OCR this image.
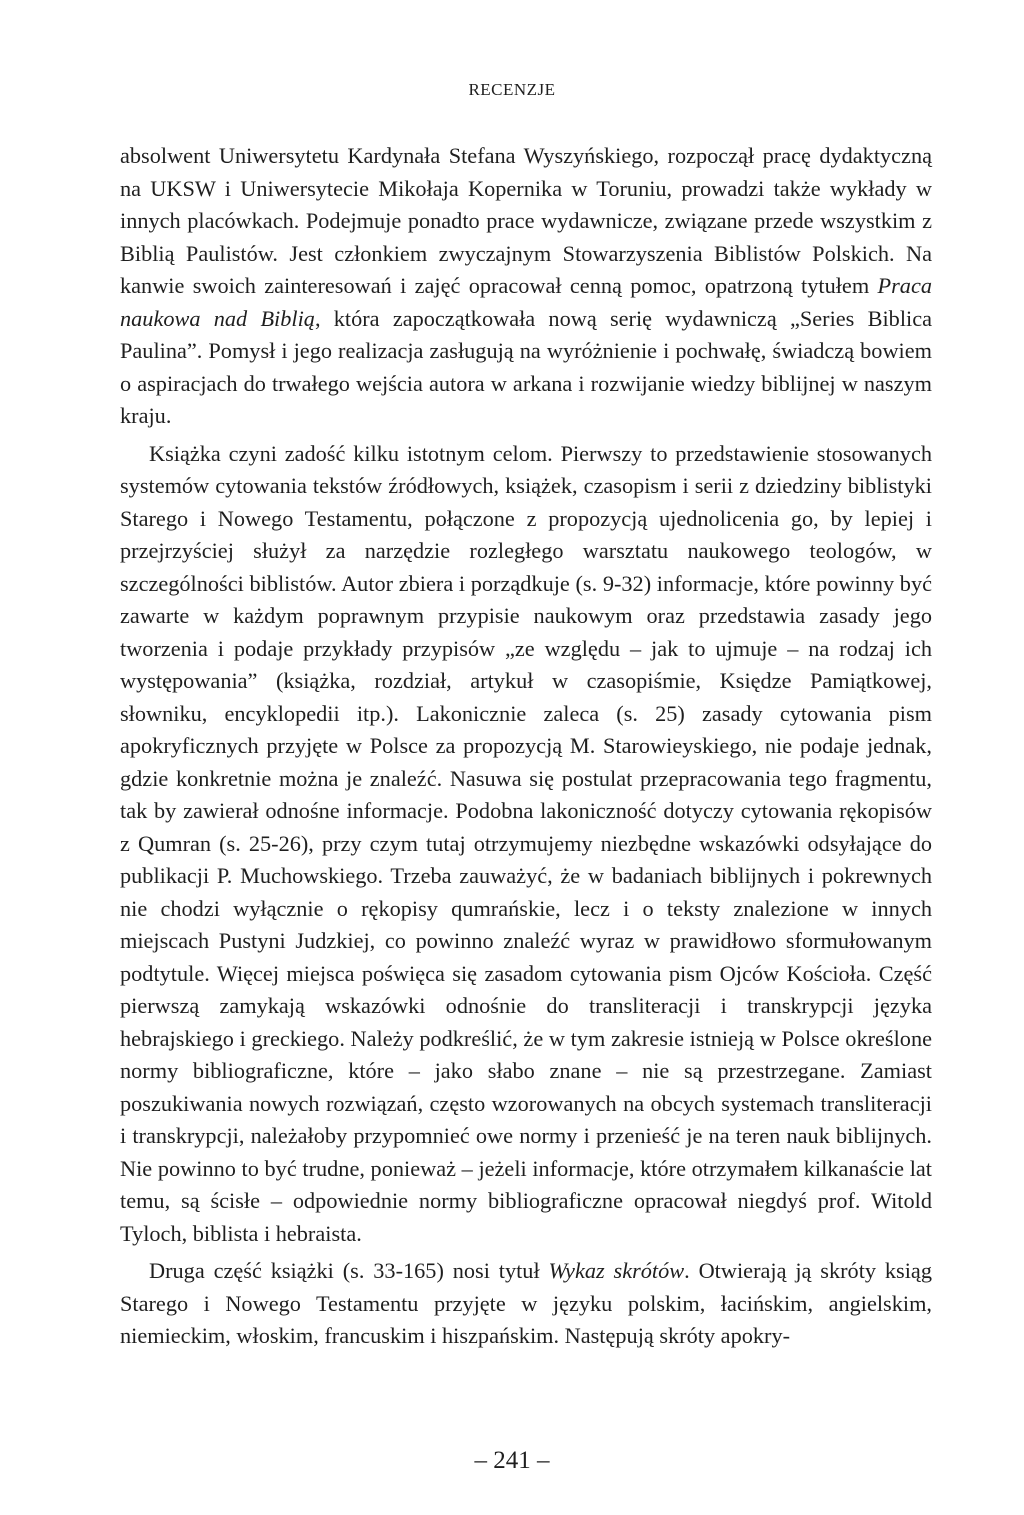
RECENZJE

absolwent Uniwersytetu Kardynała Stefana Wyszyńskiego, rozpoczął pracę dydaktyczną na UKSW i Uniwersytecie Mikołaja Kopernika w Toruniu, prowadzi także wykłady w innych placówkach. Podejmuje ponadto prace wydawnicze, związane przede wszystkim z Biblią Paulistów. Jest członkiem zwyczajnym Stowarzyszenia Biblistów Polskich. Na kanwie swoich zainteresowań i zajęć opracował cenną pomoc, opatrzoną tytułem Praca naukowa nad Biblią, która zapoczątkowała nową serię wydawniczą „Series Biblica Paulina”. Pomysł i jego realizacja zasługują na wyróżnienie i pochwałę, świadczą bowiem o aspiracjach do trwałego wejścia autora w arkana i rozwijanie wiedzy biblijnej w naszym kraju.

Książka czyni zadość kilku istotnym celom. Pierwszy to przedstawienie stosowanych systemów cytowania tekstów źródłowych, książek, czasopism i serii z dziedziny biblistyki Starego i Nowego Testamentu, połączone z propozycją ujednolicenia go, by lepiej i przejrzyściej służył za narzędzie rozległego warsztatu naukowego teologów, w szczególności biblistów. Autor zbiera i porządkuje (s. 9-32) informacje, które powinny być zawarte w każdym poprawnym przypisie naukowym oraz przedstawia zasady jego tworzenia i podaje przykłady przypisów „ze względu – jak to ujmuje – na rodzaj ich występowania” (książka, rozdział, artykuł w czasopiśmie, Księdze Pamiątkowej, słowniku, encyklopedii itp.). Lakonicznie zaleca (s. 25) zasady cytowania pism apokryficznych przyjęte w Polsce za propozycją M. Starowieyskiego, nie podaje jednak, gdzie konkretnie można je znaleźć. Nasuwa się postulat przepracowania tego fragmentu, tak by zawierał odnośne informacje. Podobna lakoniczność dotyczy cytowania rękopisów z Qumran (s. 25-26), przy czym tutaj otrzymujemy niezbędne wskazówki odsyłające do publikacji P. Muchowskiego. Trzeba zauważyć, że w badaniach biblijnych i pokrewnych nie chodzi wyłącznie o rękopisy qumrańskie, lecz i o teksty znalezione w innych miejscach Pustyni Judzkiej, co powinno znaleźć wyraz w prawidłowo sformułowanym podtytule. Więcej miejsca poświęca się zasadom cytowania pism Ojców Kościoła. Część pierwszą zamykają wskazówki odnośnie do transliteracji i transkrypcji języka hebrajskiego i greckiego. Należy podkreślić, że w tym zakresie istnieją w Polsce określone normy bibliograficzne, które – jako słabo znane – nie są przestrzegane. Zamiast poszukiwania nowych rozwiązań, często wzorowanych na obcych systemach transliteracji i transkrypcji, należałoby przypomnieć owe normy i przenieść je na teren nauk biblijnych. Nie powinno to być trudne, ponieważ – jeżeli informacje, które otrzymałem kilkanaście lat temu, są ścisłe – odpowiednie normy bibliograficzne opracował niegdyś prof. Witold Tyloch, biblista i hebraista.

Druga część książki (s. 33-165) nosi tytuł Wykaz skrótów. Otwierają ją skróty ksiąg Starego i Nowego Testamentu przyjęte w języku polskim, łacińskim, angielskim, niemieckim, włoskim, francuskim i hiszpańskim. Następują skróty apokry-

– 241 –
